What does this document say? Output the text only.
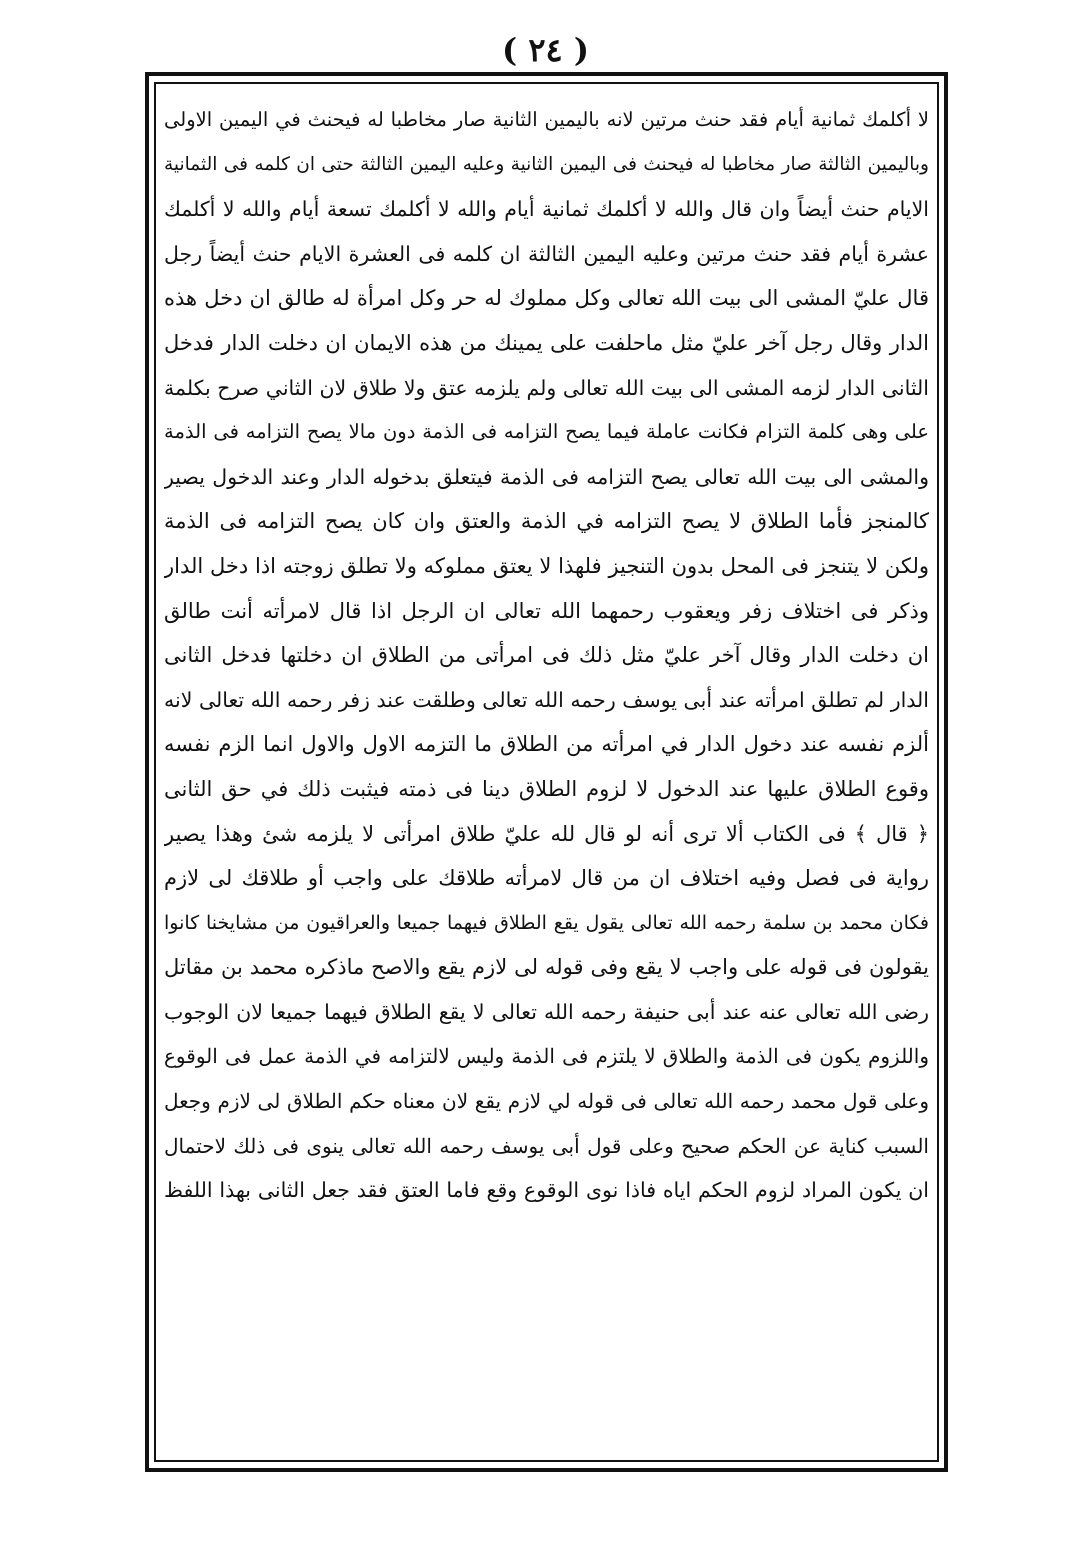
( ٢٤ )
لا أكلمك ثمانية أيام فقد حنث مرتين لانه باليمين الثانية صار مخاطبا له فيحنث في اليمين الاولى
وباليمين الثالثة صار مخاطبا له فيحنث فى اليمين الثانية وعليه اليمين الثالثة حتى ان كلمه فى الثمانية
الايام حنث أيضاً وان قال والله لا أكلمك ثمانية أيام والله لا أكلمك تسعة أيام والله لا أكلمك
عشرة أيام فقد حنث مرتين وعليه اليمين الثالثة ان كلمه فى العشرة الايام حنث أيضاً رجل
قال عليّ المشى الى بيت الله تعالى وكل مملوك له حر وكل امرأة له طالق ان دخل هذه
الدار وقال رجل آخر عليّ مثل ماحلفت على يمينك من هذه الايمان ان دخلت الدار فدخل
الثانى الدار لزمه المشى الى بيت الله تعالى ولم يلزمه عتق ولا طلاق لان الثاني صرح بكلمة
على وهى كلمة التزام فكانت عاملة فيما يصح التزامه فى الذمة دون مالا يصح التزامه فى الذمة
والمشى الى بيت الله تعالى يصح التزامه فى الذمة فيتعلق بدخوله الدار وعند الدخول يصير
كالمنجز فأما الطلاق لا يصح التزامه في الذمة والعتق وان كان يصح التزامه فى الذمة
ولكن لا يتنجز فى المحل بدون التنجيز فلهذا لا يعتق مملوكه ولا تطلق زوجته اذا دخل الدار
وذكر فى اختلاف زفر ويعقوب رحمهما الله تعالى ان الرجل اذا قال لامرأته أنت طالق
ان دخلت الدار وقال آخر عليّ مثل ذلك فى امرأتى من الطلاق ان دخلتها فدخل الثانى
الدار لم تطلق امرأته عند أبى يوسف رحمه الله تعالى وطلقت عند زفر رحمه الله تعالى لانه
ألزم نفسه عند دخول الدار في امرأته من الطلاق ما التزمه الاول والاول انما الزم نفسه
وقوع الطلاق عليها عند الدخول لا لزوم الطلاق دينا فى ذمته فيثبت ذلك في حق الثانى
﴿ قال ﴾ فى الكتاب ألا ترى أنه لو قال لله عليّ طلاق امرأتى لا يلزمه شئ وهذا يصير
رواية فى فصل وفيه اختلاف ان من قال لامرأته طلاقك على واجب أو طلاقك لى لازم
فكان محمد بن سلمة رحمه الله تعالى يقول يقع الطلاق فيهما جميعا والعراقيون من مشايخنا كانوا
يقولون فى قوله على واجب لا يقع وفى قوله لى لازم يقع والاصح ماذكره محمد بن مقاتل
رضى الله تعالى عنه عند أبى حنيفة رحمه الله تعالى لا يقع الطلاق فيهما جميعا لان الوجوب
واللزوم يكون فى الذمة والطلاق لا يلتزم فى الذمة وليس لالتزامه في الذمة عمل فى الوقوع
وعلى قول محمد رحمه الله تعالى فى قوله لي لازم يقع لان معناه حكم الطلاق لى لازم وجعل
السبب كناية عن الحكم صحيح وعلى قول أبى يوسف رحمه الله تعالى ينوى فى ذلك لاحتمال
ان يكون المراد لزوم الحكم اياه فاذا نوى الوقوع وقع فاما العتق فقد جعل الثانى بهذا اللفظ
